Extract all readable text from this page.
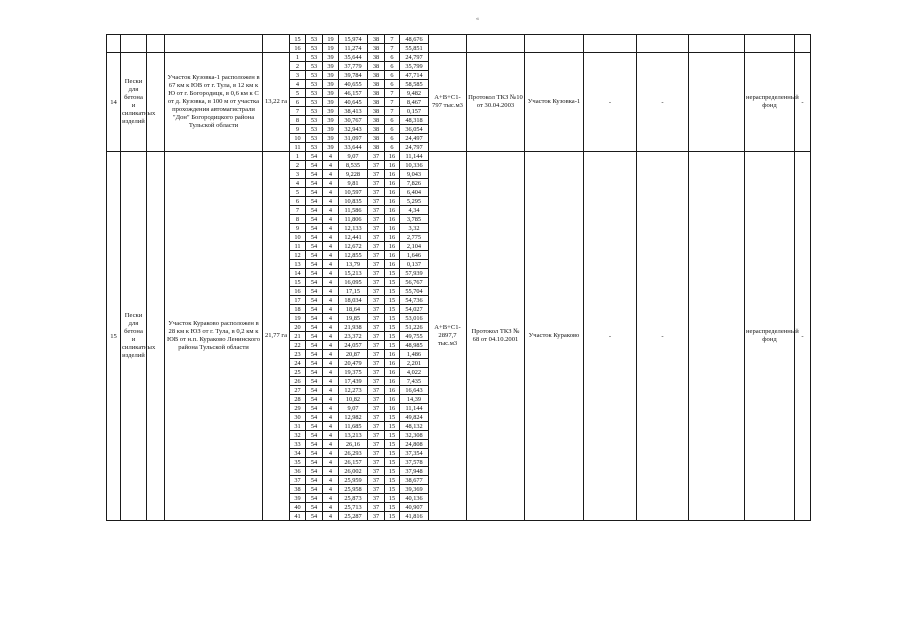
«
					15	53	19	15,974	38	7	48,676								
					16	53	19	11,274	38	7	55,851								
14	Пески для бетона и силикатных изделий		Участок Кузовка-1 расположен в 67 км к ЮВ от г. Тула, в 12 км к Ю от г. Богородицк, в 0,6 км к С от д. Кузовка, в 100 м от участка прохождения автомагистрали "Дон" Богородицкого района Тульской области	13,22 га	1	53	39	35,644	38	6	24,797	А+В+С1- 797 тыс.м3	Протокол ТКЗ №10 от 30.04.2003	Участок Кузовка-1	-	-		нераспределенный фонд	-
					2	53	39	37,779	38	6	35,799								
					3	53	39	39,784	38	6	47,714								
					4	53	39	40,655	38	6	58,585								
					5	53	39	46,157	38	7	9,482								
					6	53	39	40,645	38	7	8,467								
					7	53	39	38,413	38	7	0,157								
					8	53	39	30,767	38	6	48,318								
					9	53	39	32,943	38	6	36,054								
					10	53	39	31,097	38	6	24,497								
					11	53	39	33,644	38	6	24,797								
15	Пески для бетона и силикатных изделий		Участок Кураково расположен в 28 км к ЮЗ от г. Тула, в 0,2 км к ЮВ от н.п. Кураково Ленинского района Тульской области	21,77 га	1	54	4	9,07	37	16	11,144	А+В+С1- 2897,7 тыс.м3	Протокол ТКЗ № 68 от 04.10.2001	Участок Кураково	-	-		нераспределенный фонд	-
					2	54	4	8,535	37	16	10,336								
					3	54	4	9,228	37	16	9,043								
					4	54	4	9,81	37	16	7,826								
					5	54	4	10,597	37	16	6,404								
					6	54	4	10,835	37	16	5,295								
					7	54	4	11,586	37	16	4,34								
					8	54	4	11,806	37	16	3,785								
					9	54	4	12,133	37	16	3,32								
					10	54	4	12,441	37	16	2,775								
					11	54	4	12,672	37	16	2,104								
					12	54	4	12,855	37	16	1,646								
					13	54	4	13,79	37	16	0,137								
					14	54	4	15,213	37	15	57,939								
					15	54	4	16,095	37	15	56,767								
					16	54	4	17,15	37	15	55,704								
					17	54	4	18,034	37	15	54,736								
					18	54	4	18,64	37	15	54,027								
					19	54	4	19,85	37	15	53,016								
					20	54	4	21,938	37	15	51,226								
					21	54	4	23,372	37	15	49,755								
					22	54	4	24,057	37	15	48,985								
					23	54	4	20,87	37	16	1,486								
					24	54	4	20,479	37	16	2,201								
					25	54	4	19,375	37	16	4,022								
					26	54	4	17,439	37	16	7,435								
					27	54	4	12,273	37	16	16,643								
					28	54	4	10,82	37	16	14,39								
					29	54	4	9,07	37	16	11,144								
					30	54	4	12,982	37	15	49,824								
					31	54	4	11,685	37	15	48,132								
					32	54	4	13,213	37	15	32,308								
					33	54	4	26,16	37	15	24,808								
					34	54	4	26,293	37	15	37,354								
					35	54	4	26,157	37	15	37,578								
					36	54	4	26,002	37	15	37,948								
					37	54	4	25,959	37	15	38,677								
					38	54	4	25,958	37	15	39,369								
					39	54	4	25,873	37	15	40,136								
					40	54	4	25,713	37	15	40,907								
					41	54	4	25,287	37	15	41,816								
